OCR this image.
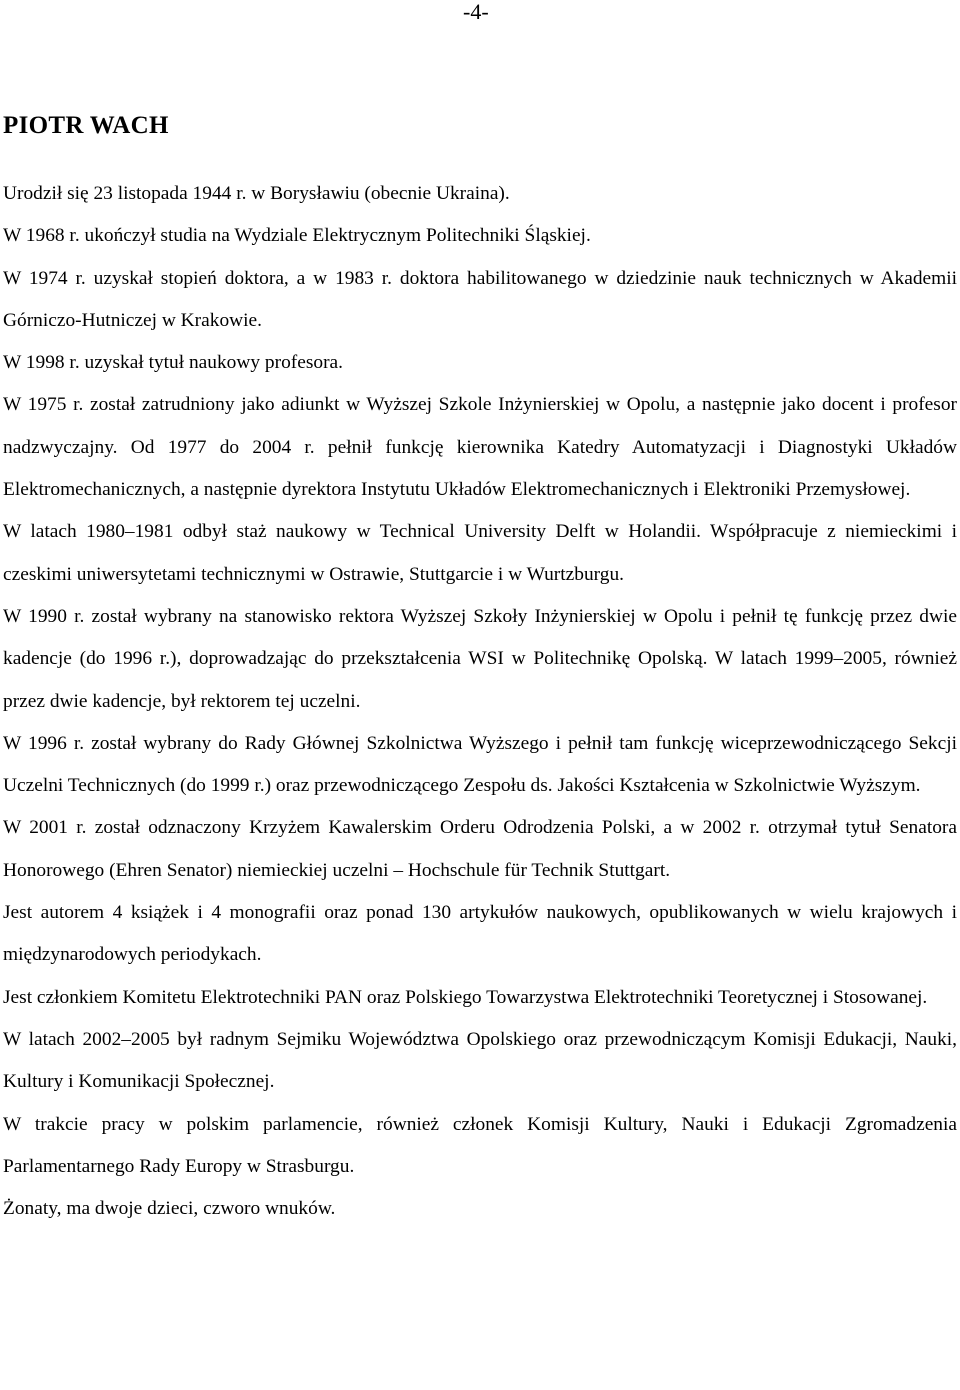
-4-
PIOTR WACH

Urodził się 23 listopada 1944 r. w Borysławiu (obecnie Ukraina).

W 1968 r. ukończył studia na Wydziale Elektrycznym Politechniki Śląskiej.

W 1974 r. uzyskał stopień doktora, a w 1983 r. doktora habilitowanego w dziedzinie nauk technicznych w Akademii Górniczo-Hutniczej w Krakowie.

W 1998 r. uzyskał tytuł naukowy profesora.

W 1975 r. został zatrudniony jako adiunkt w Wyższej Szkole Inżynierskiej w Opolu, a następnie jako docent i profesor nadzwyczajny. Od 1977 do 2004 r. pełnił funkcję kierownika Katedry Automatyzacji i Diagnostyki Układów Elektromechanicznych, a następnie dyrektora Instytutu Układów Elektromechanicznych i Elektroniki Przemysłowej.

W latach 1980–1981 odbył staż naukowy w Technical University Delft w Holandii. Współpracuje z niemieckimi i czeskimi uniwersytetami technicznymi w Ostrawie, Stuttgarcie i w Wurtzburgu.

W 1990 r. został wybrany na stanowisko rektora Wyższej Szkoły Inżynierskiej w Opolu i pełnił tę funkcję przez dwie kadencje (do 1996 r.), doprowadzając do przekształcenia WSI w Politechnikę Opolską. W latach 1999–2005, również przez dwie kadencje, był rektorem tej uczelni.

W 1996 r. został wybrany do Rady Głównej Szkolnictwa Wyższego i pełnił tam funkcję wiceprzewodniczącego Sekcji Uczelni Technicznych (do 1999 r.) oraz przewodniczącego Zespołu ds. Jakości Kształcenia w Szkolnictwie Wyższym.

W 2001 r. został odznaczony Krzyżem Kawalerskim Orderu Odrodzenia Polski, a w 2002 r. otrzymał tytuł Senatora Honorowego (Ehren Senator) niemieckiej uczelni – Hochschule für Technik Stuttgart.

Jest autorem 4 książek i 4 monografii oraz ponad 130 artykułów naukowych, opublikowanych w wielu krajowych i międzynarodowych periodykach.

Jest członkiem Komitetu Elektrotechniki PAN oraz Polskiego Towarzystwa Elektrotechniki Teoretycznej i Stosowanej.

W latach 2002–2005 był radnym Sejmiku Województwa Opolskiego oraz przewodniczącym Komisji Edukacji, Nauki, Kultury i Komunikacji Społecznej.

W trakcie pracy w polskim parlamencie, również członek Komisji Kultury, Nauki i Edukacji Zgromadzenia Parlamentarnego Rady Europy w Strasburgu.

Żonaty, ma dwoje dzieci, czworo wnuków.
